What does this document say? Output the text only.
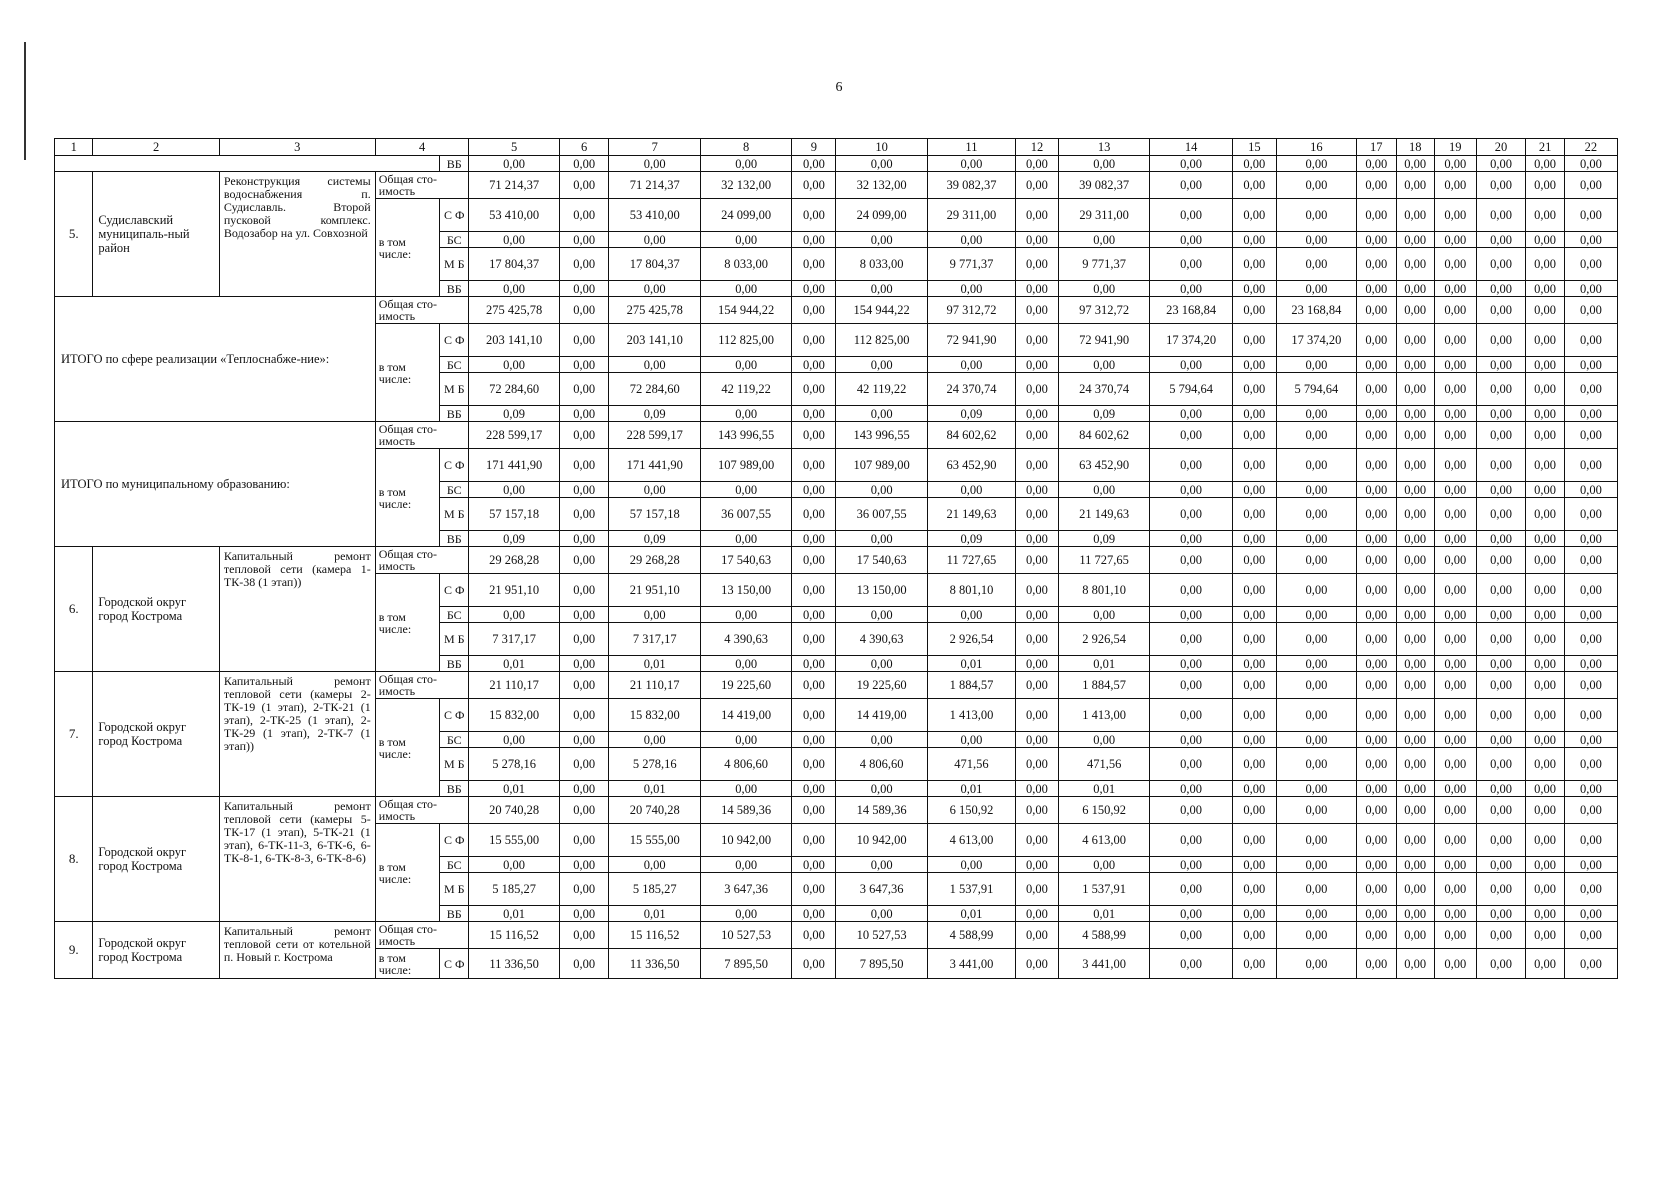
6
1	2	3	4		5	6	7	8	9	10	11	12	13	14	15	16	17	18	19	20	21	22
				ВБ	0,00	0,00	0,00	0,00	0,00	0,00	0,00	0,00	0,00	0,00	0,00	0,00	0,00	0,00	0,00	0,00	0,00	0,00
5.	Судиславский муниципаль-ный район	Реконструкция системы водоснабжения п. Судиславль. Второй пусковой комплекс. Водозабор на ул. Совхозной	Общая сто-имость		71 214,37	0,00	71 214,37	32 132,00	0,00	32 132,00	39 082,37	0,00	39 082,37	0,00	0,00	0,00	0,00	0,00	0,00	0,00	0,00	0,00
			в том числе:	С Ф	53 410,00	0,00	53 410,00	24 099,00	0,00	24 099,00	29 311,00	0,00	29 311,00	0,00	0,00	0,00	0,00	0,00	0,00	0,00	0,00	0,00
				БС	0,00	0,00	0,00	0,00	0,00	0,00	0,00	0,00	0,00	0,00	0,00	0,00	0,00	0,00	0,00	0,00	0,00	0,00
				М Б	17 804,37	0,00	17 804,37	8 033,00	0,00	8 033,00	9 771,37	0,00	9 771,37	0,00	0,00	0,00	0,00	0,00	0,00	0,00	0,00	0,00
				ВБ	0,00	0,00	0,00	0,00	0,00	0,00	0,00	0,00	0,00	0,00	0,00	0,00	0,00	0,00	0,00	0,00	0,00	0,00
ИТОГО по сфере реализации «Теплоснабже-ние»:			Общая сто-имость		275 425,78	0,00	275 425,78	154 944,22	0,00	154 944,22	97 312,72	0,00	97 312,72	23 168,84	0,00	23 168,84	0,00	0,00	0,00	0,00	0,00	0,00
			в том числе:	С Ф	203 141,10	0,00	203 141,10	112 825,00	0,00	112 825,00	72 941,90	0,00	72 941,90	17 374,20	0,00	17 374,20	0,00	0,00	0,00	0,00	0,00	0,00
				БС	0,00	0,00	0,00	0,00	0,00	0,00	0,00	0,00	0,00	0,00	0,00	0,00	0,00	0,00	0,00	0,00	0,00	0,00
				М Б	72 284,60	0,00	72 284,60	42 119,22	0,00	42 119,22	24 370,74	0,00	24 370,74	5 794,64	0,00	5 794,64	0,00	0,00	0,00	0,00	0,00	0,00
				ВБ	0,09	0,00	0,09	0,00	0,00	0,00	0,09	0,00	0,09	0,00	0,00	0,00	0,00	0,00	0,00	0,00	0,00	0,00
ИТОГО по муниципальному образованию:			Общая сто-имость		228 599,17	0,00	228 599,17	143 996,55	0,00	143 996,55	84 602,62	0,00	84 602,62	0,00	0,00	0,00	0,00	0,00	0,00	0,00	0,00	0,00
			в том числе:	С Ф	171 441,90	0,00	171 441,90	107 989,00	0,00	107 989,00	63 452,90	0,00	63 452,90	0,00	0,00	0,00	0,00	0,00	0,00	0,00	0,00	0,00
				БС	0,00	0,00	0,00	0,00	0,00	0,00	0,00	0,00	0,00	0,00	0,00	0,00	0,00	0,00	0,00	0,00	0,00	0,00
				М Б	57 157,18	0,00	57 157,18	36 007,55	0,00	36 007,55	21 149,63	0,00	21 149,63	0,00	0,00	0,00	0,00	0,00	0,00	0,00	0,00	0,00
				ВБ	0,09	0,00	0,09	0,00	0,00	0,00	0,09	0,00	0,09	0,00	0,00	0,00	0,00	0,00	0,00	0,00	0,00	0,00
6.	Городской округ город Кострома	Капитальный ремонт тепловой сети (камера 1-ТК-38 (1 этап))	Общая сто-имость		29 268,28	0,00	29 268,28	17 540,63	0,00	17 540,63	11 727,65	0,00	11 727,65	0,00	0,00	0,00	0,00	0,00	0,00	0,00	0,00	0,00
			в том числе:	С Ф	21 951,10	0,00	21 951,10	13 150,00	0,00	13 150,00	8 801,10	0,00	8 801,10	0,00	0,00	0,00	0,00	0,00	0,00	0,00	0,00	0,00
				БС	0,00	0,00	0,00	0,00	0,00	0,00	0,00	0,00	0,00	0,00	0,00	0,00	0,00	0,00	0,00	0,00	0,00	0,00
				М Б	7 317,17	0,00	7 317,17	4 390,63	0,00	4 390,63	2 926,54	0,00	2 926,54	0,00	0,00	0,00	0,00	0,00	0,00	0,00	0,00	0,00
				ВБ	0,01	0,00	0,01	0,00	0,00	0,00	0,01	0,00	0,01	0,00	0,00	0,00	0,00	0,00	0,00	0,00	0,00	0,00
7.	Городской округ город Кострома	Капитальный ремонт тепловой сети (камеры 2-ТК-19 (1 этап), 2-ТК-21 (1 этап), 2-ТК-25 (1 этап), 2-ТК-29 (1 этап), 2-ТК-7 (1 этап))	Общая сто-имость		21 110,17	0,00	21 110,17	19 225,60	0,00	19 225,60	1 884,57	0,00	1 884,57	0,00	0,00	0,00	0,00	0,00	0,00	0,00	0,00	0,00
			в том числе:	С Ф	15 832,00	0,00	15 832,00	14 419,00	0,00	14 419,00	1 413,00	0,00	1 413,00	0,00	0,00	0,00	0,00	0,00	0,00	0,00	0,00	0,00
				БС	0,00	0,00	0,00	0,00	0,00	0,00	0,00	0,00	0,00	0,00	0,00	0,00	0,00	0,00	0,00	0,00	0,00	0,00
				М Б	5 278,16	0,00	5 278,16	4 806,60	0,00	4 806,60	471,56	0,00	471,56	0,00	0,00	0,00	0,00	0,00	0,00	0,00	0,00	0,00
				ВБ	0,01	0,00	0,01	0,00	0,00	0,00	0,01	0,00	0,01	0,00	0,00	0,00	0,00	0,00	0,00	0,00	0,00	0,00
8.	Городской округ город Кострома	Капитальный ремонт тепловой сети (камеры 5-ТК-17 (1 этап), 5-ТК-21 (1 этап), 6-ТК-11-3, 6-ТК-6, 6-ТК-8-1, 6-ТК-8-3, 6-ТК-8-6)	Общая сто-имость		20 740,28	0,00	20 740,28	14 589,36	0,00	14 589,36	6 150,92	0,00	6 150,92	0,00	0,00	0,00	0,00	0,00	0,00	0,00	0,00	0,00
			в том числе:	С Ф	15 555,00	0,00	15 555,00	10 942,00	0,00	10 942,00	4 613,00	0,00	4 613,00	0,00	0,00	0,00	0,00	0,00	0,00	0,00	0,00	0,00
				БС	0,00	0,00	0,00	0,00	0,00	0,00	0,00	0,00	0,00	0,00	0,00	0,00	0,00	0,00	0,00	0,00	0,00	0,00
				М Б	5 185,27	0,00	5 185,27	3 647,36	0,00	3 647,36	1 537,91	0,00	1 537,91	0,00	0,00	0,00	0,00	0,00	0,00	0,00	0,00	0,00
				ВБ	0,01	0,00	0,01	0,00	0,00	0,00	0,01	0,00	0,01	0,00	0,00	0,00	0,00	0,00	0,00	0,00	0,00	0,00
9.	Городской округ город Кострома	Капитальный ремонт тепловой сети от котельной п. Новый г. Кострома	Общая сто-имость		15 116,52	0,00	15 116,52	10 527,53	0,00	10 527,53	4 588,99	0,00	4 588,99	0,00	0,00	0,00	0,00	0,00	0,00	0,00	0,00	0,00
			в том числе:	С Ф	11 336,50	0,00	11 336,50	7 895,50	0,00	7 895,50	3 441,00	0,00	3 441,00	0,00	0,00	0,00	0,00	0,00	0,00	0,00	0,00	0,00
